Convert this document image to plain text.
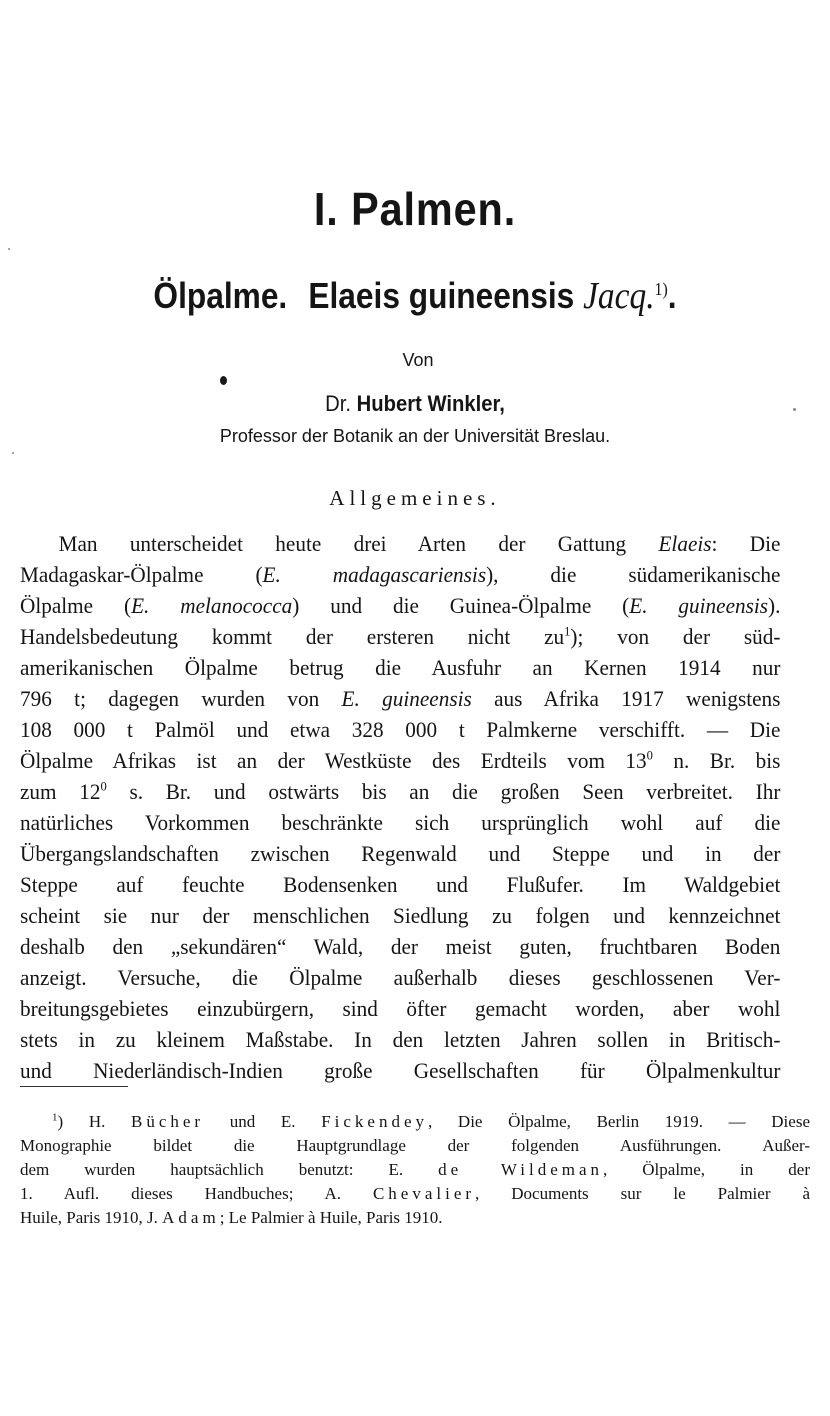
I. Palmen.
Ölpalme. Elaeis guineensis Jacq.$^{1)}$.
Von
Dr. Hubert Winkler,
Professor der Botanik an der Universität Breslau.
Allgemeines.
Man unterscheidet heute drei Arten der Gattung Elaeis: Die
Madagaskar-Ölpalme (E. madagascariensis), die südamerikanische
Ölpalme (E. melanococca) und die Guinea-Ölpalme (E. guineensis).
Handelsbedeutung kommt der ersteren nicht $zu^1$); von der süd-
amerikanischen Ölpalme betrug die Ausfuhr an Kernen 1914 nur
796 t; dagegen wurden von E. guineensis aus Afrika 1917 wenigstens
108 000 t Palmöl und etwa 328 000 t Palmkerne verschifft. — Die
Ölpalme Afrikas ist an der Westküste des Erdteils vom $13^0$ n. Br. bis
zum $12^0$ s. Br. und ostwärts bis an die großen Seen verbreitet. Ihr
natürliches Vorkommen beschränkte sich ursprünglich wohl auf die
Übergangslandschaften zwischen Regenwald und Steppe und in der
Steppe auf feuchte Bodensenken und Flußufer. Im Waldgebiet
scheint sie nur der menschlichen Siedlung zu folgen und kennzeichnet
deshalb den „sekundären“ Wald, der meist guten, fruchtbaren Boden
anzeigt. Versuche, die Ölpalme außerhalb dieses geschlossenen Ver-
breitungsgebietes einzubürgern, sind öfter gemacht worden, aber wohl
stets in zu kleinem Maßstabe. In den letzten Jahren sollen in Britisch-
und Niederländisch-Indien große Gesellschaften für Ölpalmenkultur
$^1$) H. Bücher und E. Fickendey, Die Ölpalme, Berlin 1919. — Diese
Monographie bildet die Hauptgrundlage der folgenden Ausführungen. Außer-
dem wurden hauptsächlich benutzt: E. de Wildeman, Ölpalme, in der
1. Aufl. dieses Handbuches; A. Chevalier, Documents sur le Palmier à
Huile, Paris 1910, J. Adam; Le Palmier à Huile, Paris 1910.
